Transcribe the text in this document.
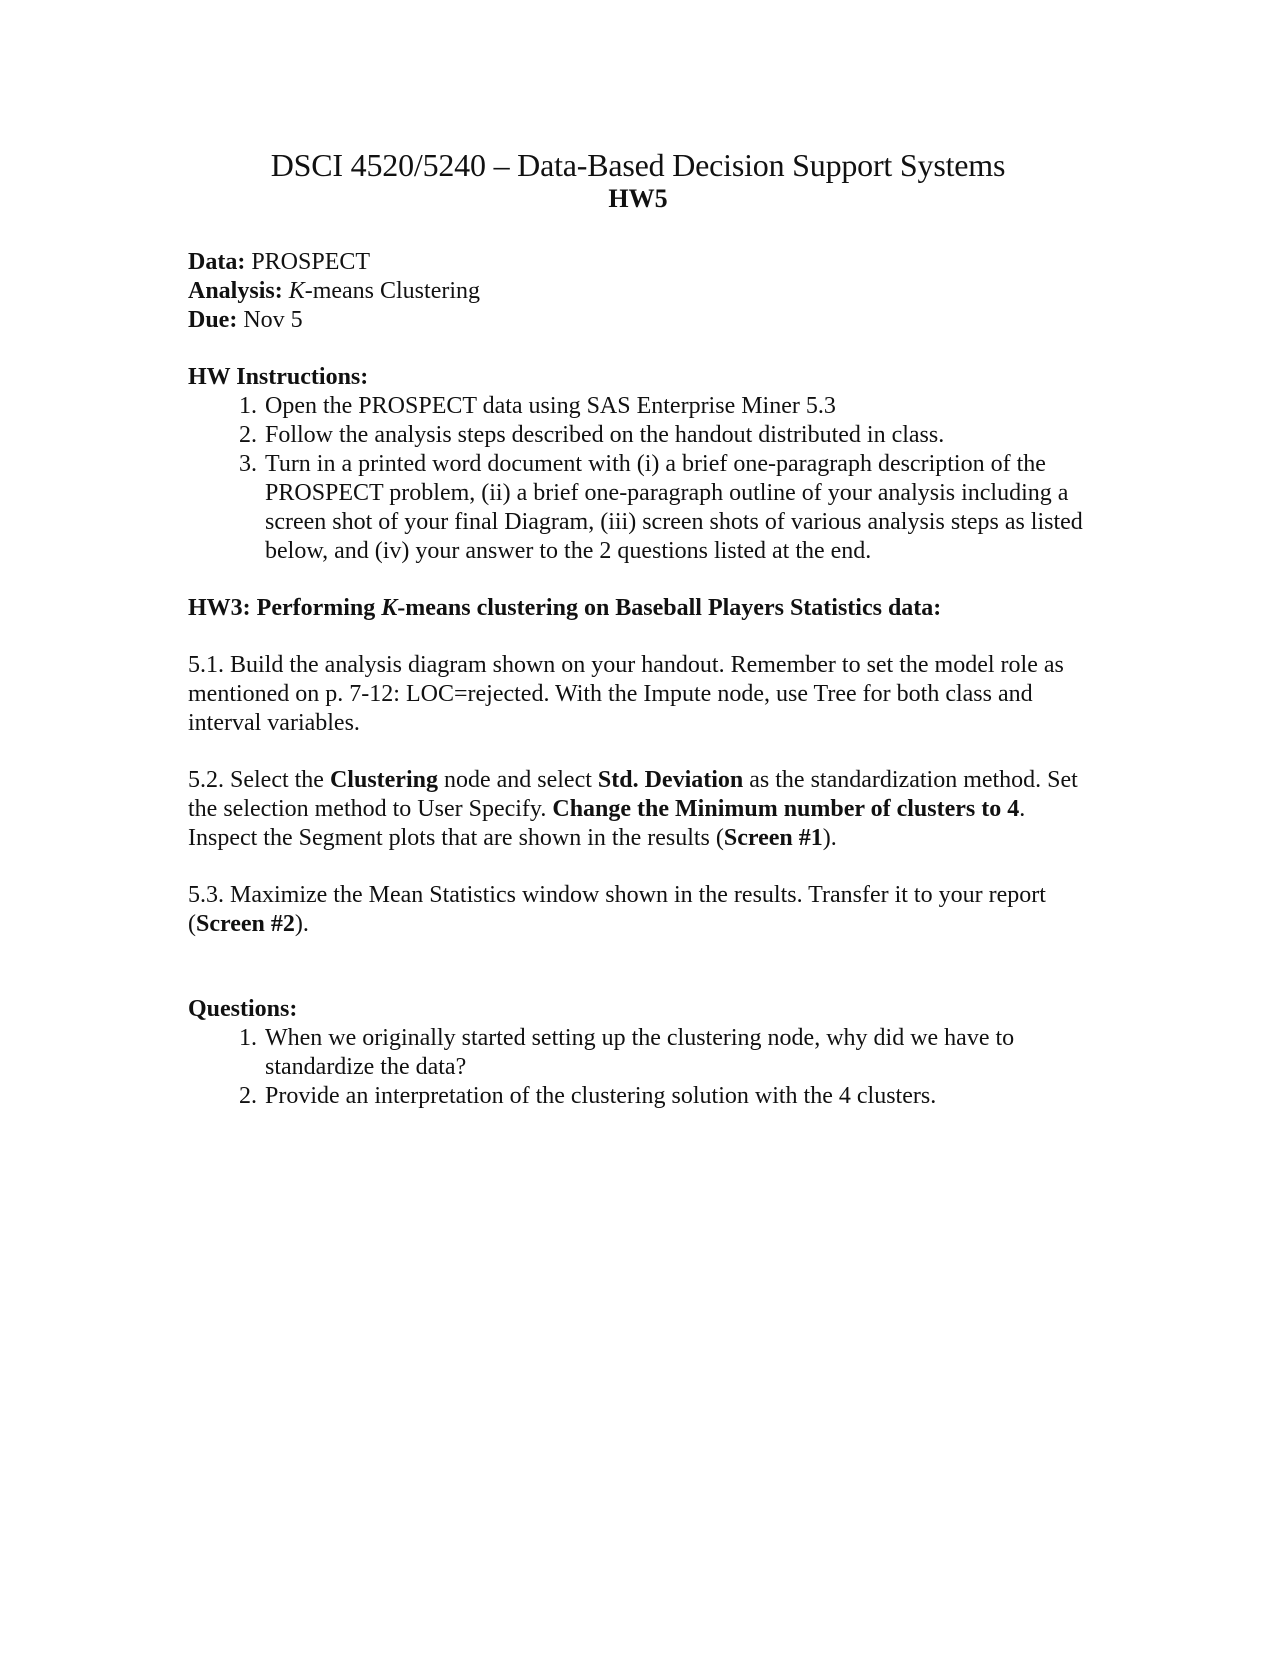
DSCI 4520/5240 – Data-Based Decision Support Systems
HW5

Data: PROSPECT

Analysis: K-means Clustering

Due: Nov 5

HW Instructions:

1. Open the PROSPECT data using SAS Enterprise Miner 5.3
2. Follow the analysis steps described on the handout distributed in class.
3. Turn in a printed word document with (i) a brief one-paragraph description of the PROSPECT problem, (ii) a brief one-paragraph outline of your analysis including a screen shot of your final Diagram, (iii) screen shots of various analysis steps as listed below, and (iv) your answer to the 2 questions listed at the end.

HW3: Performing K-means clustering on Baseball Players Statistics data:

5.1. Build the analysis diagram shown on your handout. Remember to set the model role as mentioned on p. 7-12: LOC=rejected. With the Impute node, use Tree for both class and interval variables.

5.2. Select the Clustering node and select Std. Deviation as the standardization method. Set the selection method to User Specify. Change the Minimum number of clusters to 4. Inspect the Segment plots that are shown in the results (Screen #1).

5.3. Maximize the Mean Statistics window shown in the results. Transfer it to your report (Screen #2).

Questions:

1. When we originally started setting up the clustering node, why did we have to standardize the data?
2. Provide an interpretation of the clustering solution with the 4 clusters.
